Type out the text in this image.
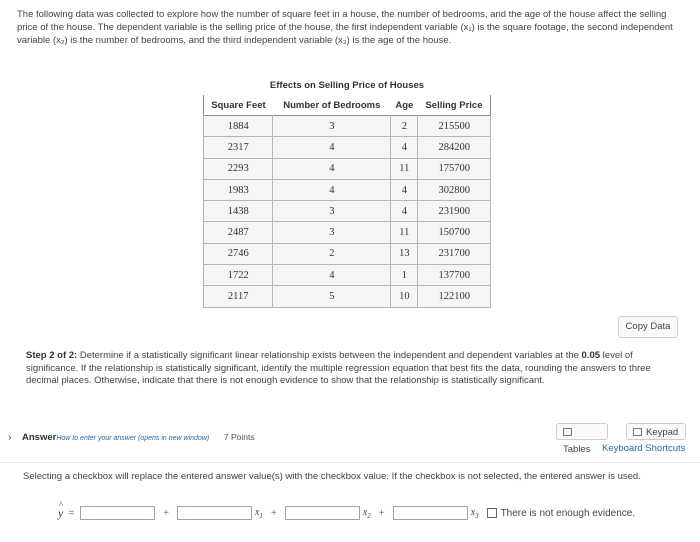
The following data was collected to explore how the number of square feet in a house, the number of bedrooms, and the age of the house affect the selling price of the house. The dependent variable is the selling price of the house, the first independent variable (x₁) is the square footage, the second independent variable (x₂) is the number of bedrooms, and the third independent variable (x₃) is the age of the house.
Effects on Selling Price of Houses
Square Feet	Number of Bedrooms	Age	Selling Price
1884	3	2	215500
2317	4	4	284200
2293	4	11	175700
1983	4	4	302800
1438	3	4	231900
2487	3	11	150700
2746	2	13	231700
1722	4	1	137700
2117	5	10	122100
Copy Data
Step 2 of 2: Determine if a statistically significant linear relationship exists between the independent and dependent variables at the 0.05 level of significance. If the relationship is statistically significant, identify the multiple regression equation that best fits the data, rounding the answers to three decimal places. Otherwise, indicate that there is not enough evidence to show that the relationship is statistically significant.
› AnswerHow to enter your answer (opens in new window) 7 Points
Tables
Keypad
Keyboard Shortcuts
Selecting a checkbox will replace the entered answer value(s) with the checkbox value. If the checkbox is not selected, the entered answer is used.
^ y =	+	$x_1$ +	$x_2$ +	$x_3$ There is not enough evidence.
